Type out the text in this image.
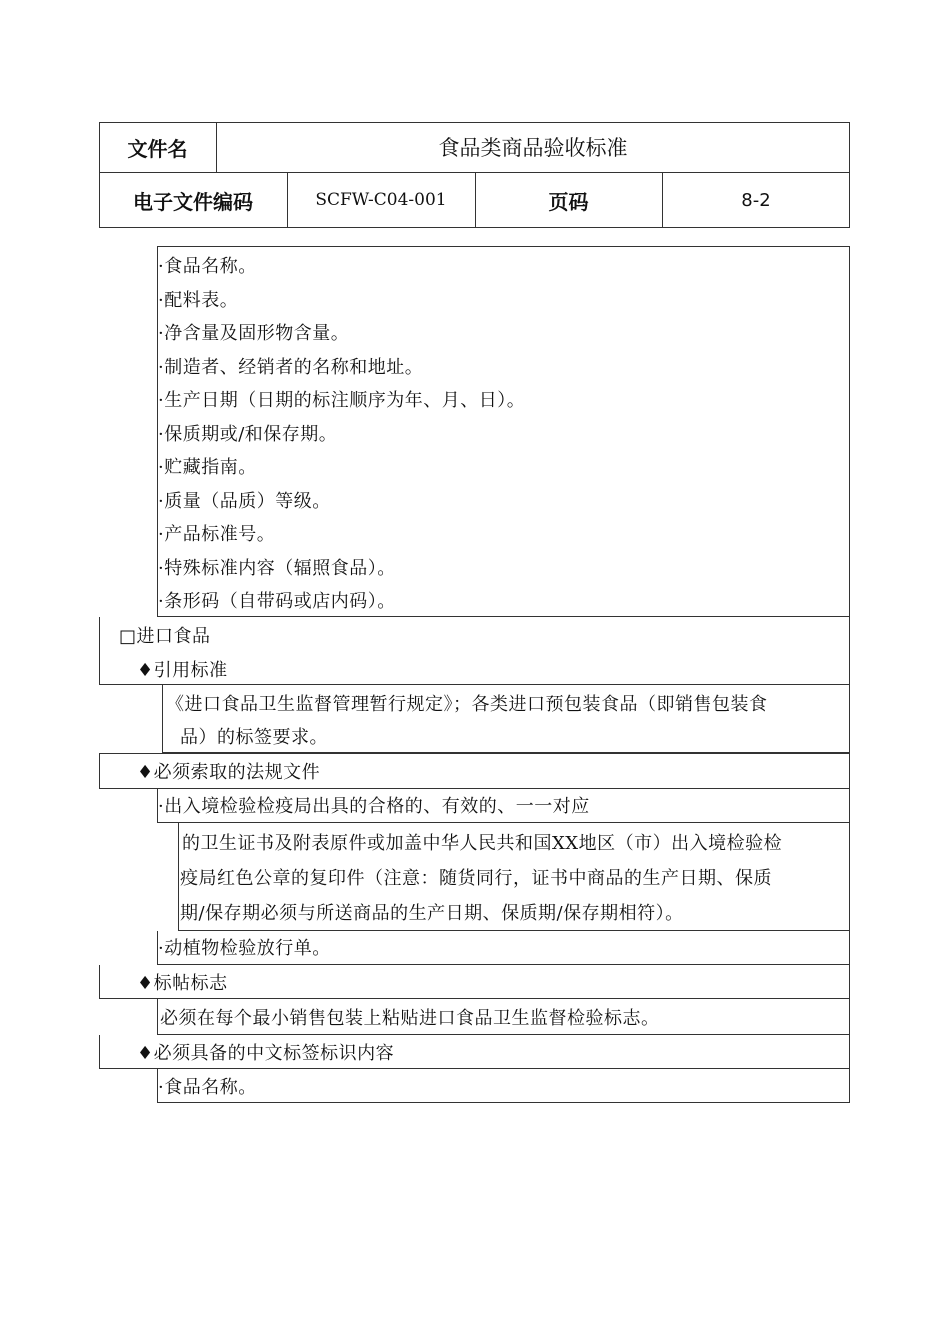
文件名	食品类商品验收标准
电子文件编码	SCFW-C04-001	页码	8-2
· 食品名称。
· 配料表。
· 净含量及固形物含量。
· 制造者、经销者的名称和地址。
· 生产日期（日期的标注顺序为年、月、日）。
· 保质期或/和保存期。
· 贮藏指南。
· 质量（品质）等级。
· 产品标准号。
· 特殊标准内容（辐照食品）。
· 条形码（自带码或店内码）。
□进口食品
♦引用标准
《进口食品卫生监督管理暂行规定》；各类进口预包装食品（即销售包装食
品）的标签要求。
♦必须索取的法规文件
· 出入境检验检疫局出具的合格的、有效的、一一对应
的卫生证书及附表原件或加盖中华人民共和国XX地区（市）出入境检验检
疫局红色公章的复印件（注意：随货同行，证书中商品的生产日期、保质
期/保存期必须与所送商品的生产日期、保质期/保存期相符）。
· 动植物检验放行单。
♦标帖标志
必须在每个最小销售包装上粘贴进口食品卫生监督检验标志。
♦必须具备的中文标签标识内容
· 食品名称。
